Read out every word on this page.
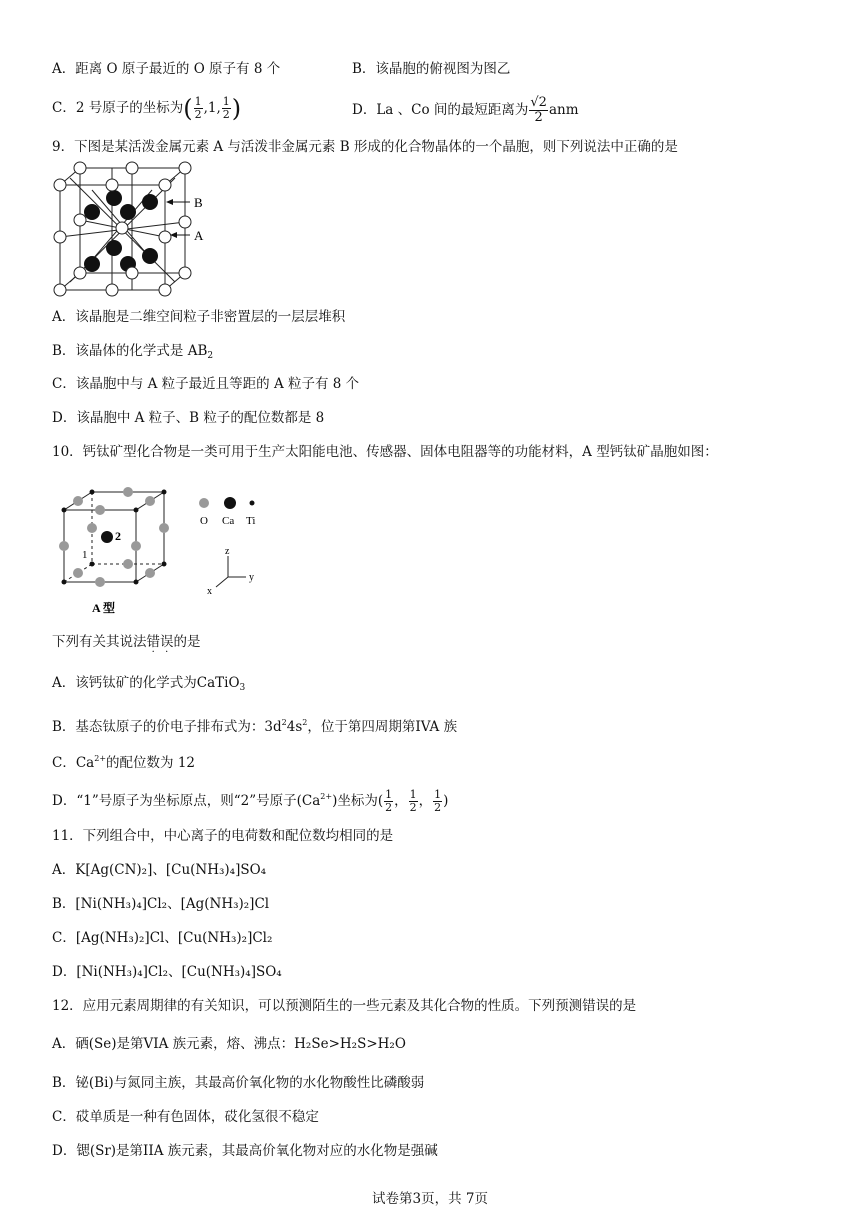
A．距离 O 原子最近的 O 原子有 8 个	B．该晶胞的俯视图为图乙
C．2 号原子的坐标为( $\frac{1}{2} ,1$, $\frac{1}{2}$ )	D．La 、Co 间的最短距离为 $\frac{√2}{2}$ anm
9．下图是某活泼金属元素 A 与活泼非金属元素 B 形成的化合物晶体的一个晶胞，则下列说法中正确的是
B
A
A．该晶胞是二维空间粒子非密置层的一层层堆积
B．该晶体的化学式是 $AB_2$
C．该晶胞中与 A 粒子最近且等距的 A 粒子有 8 个
D．该晶胞中 A 粒子、B 粒子的配位数都是 8
10．钙钛矿型化合物是一类可用于生产太阳能电池、传感器、固体电阻器等的功能材料，A 型钙钛矿晶胞如图：
2
1
A 型
O Ca Ti
z
y
x
下列有关其说法错
·
误
·
的是
A．该钙钛矿的化学式为CaTiO$_3$
B．基态钛原子的价电子排布式为：$3d^24s^2$，位于第四周期第IVA 族
C．$Ca^{2+}$的配位数为 12
D．“1”号原子为坐标原点，则“2”号原子$(Ca^{2+})$坐标为( $\frac{1}{2}$ ， $\frac{1}{2}$ ， $\frac{1}{2}$ )
11．下列组合中，中心离子的电荷数和配位数均相同的是
A．K[Ag(CN)₂]、[Cu(NH₃)₄]SO₄
B．[Ni(NH₃)₄]Cl₂、[Ag(NH₃)₂]Cl
C．[Ag(NH₃)₂]Cl、[Cu(NH₃)₂]Cl₂
D．[Ni(NH₃)₄]Cl₂、[Cu(NH₃)₄]SO₄
12．应用元素周期律的有关知识，可以预测陌生的一些元素及其化合物的性质。下列预测错误的是
A．硒(Se)是第VIA 族元素，熔、沸点：H₂Se>H₂S>H₂O
B．铋(Bi)与氮同主族，其最高价氧化物的水化物酸性比磷酸弱
C．砹单质是一种有色固体，砹化氢很不稳定
D．锶(Sr)是第IIA 族元素，其最高价氧化物对应的水化物是强碱
试卷第3页，共 7页
